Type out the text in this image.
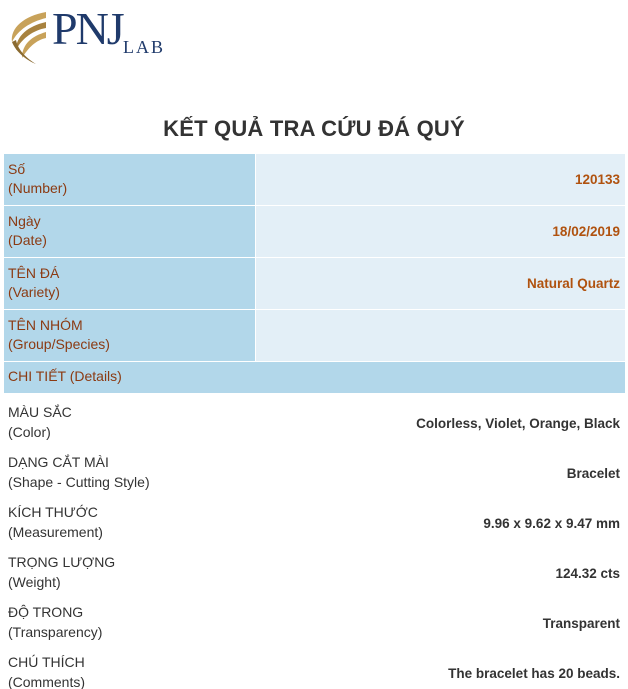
PNJ LAB
KẾT QUẢ TRA CỨU ĐÁ QUÝ
Số
(Number)
120133
Ngày
(Date)
18/02/2019
TÊN ĐÁ
(Variety)
Natural Quartz
TÊN NHÓM
(Group/Species)
CHI TIẾT (Details)
MÀU SẮC
(Color)
Colorless, Violet, Orange, Black
DẠNG CẮT MÀI
(Shape - Cutting Style)
Bracelet
KÍCH THƯỚC
(Measurement)
9.96 x 9.62 x 9.47 mm
TRỌNG LƯỢNG
(Weight)
124.32 cts
ĐỘ TRONG
(Transparency)
Transparent
CHÚ THÍCH
(Comments)
The bracelet has 20 beads.
